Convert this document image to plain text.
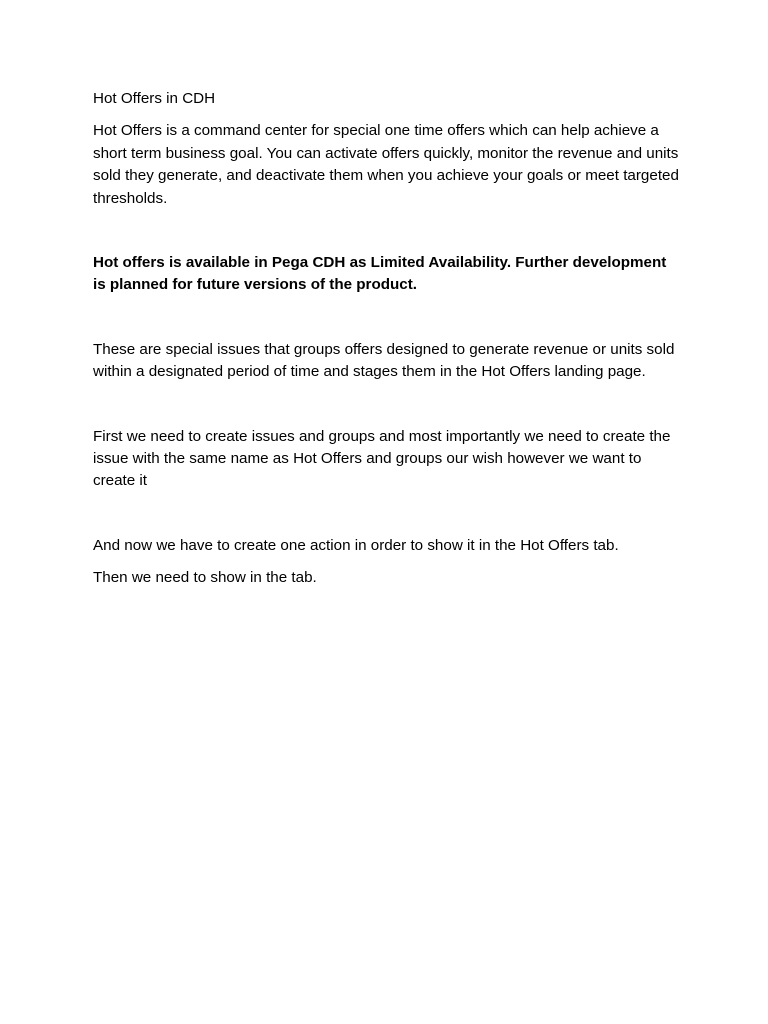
Hot Offers in CDH

Hot Offers is a command center for special one time offers which can help achieve a short term business goal. You can activate offers quickly, monitor the revenue and units sold they generate, and deactivate them when you achieve your goals or meet targeted thresholds.

Hot offers is available in Pega CDH as Limited Availability. Further development is planned for future versions of the product.

These are special issues that groups offers designed to generate revenue or units sold within a designated period of time and stages them in the Hot Offers landing page.

First we need to create issues and groups and most importantly we need to create the issue with the same name as Hot Offers and groups our wish however we want to create it

And now we have to create one action in order to show it in the Hot Offers tab.

Then we need to show in the tab.
